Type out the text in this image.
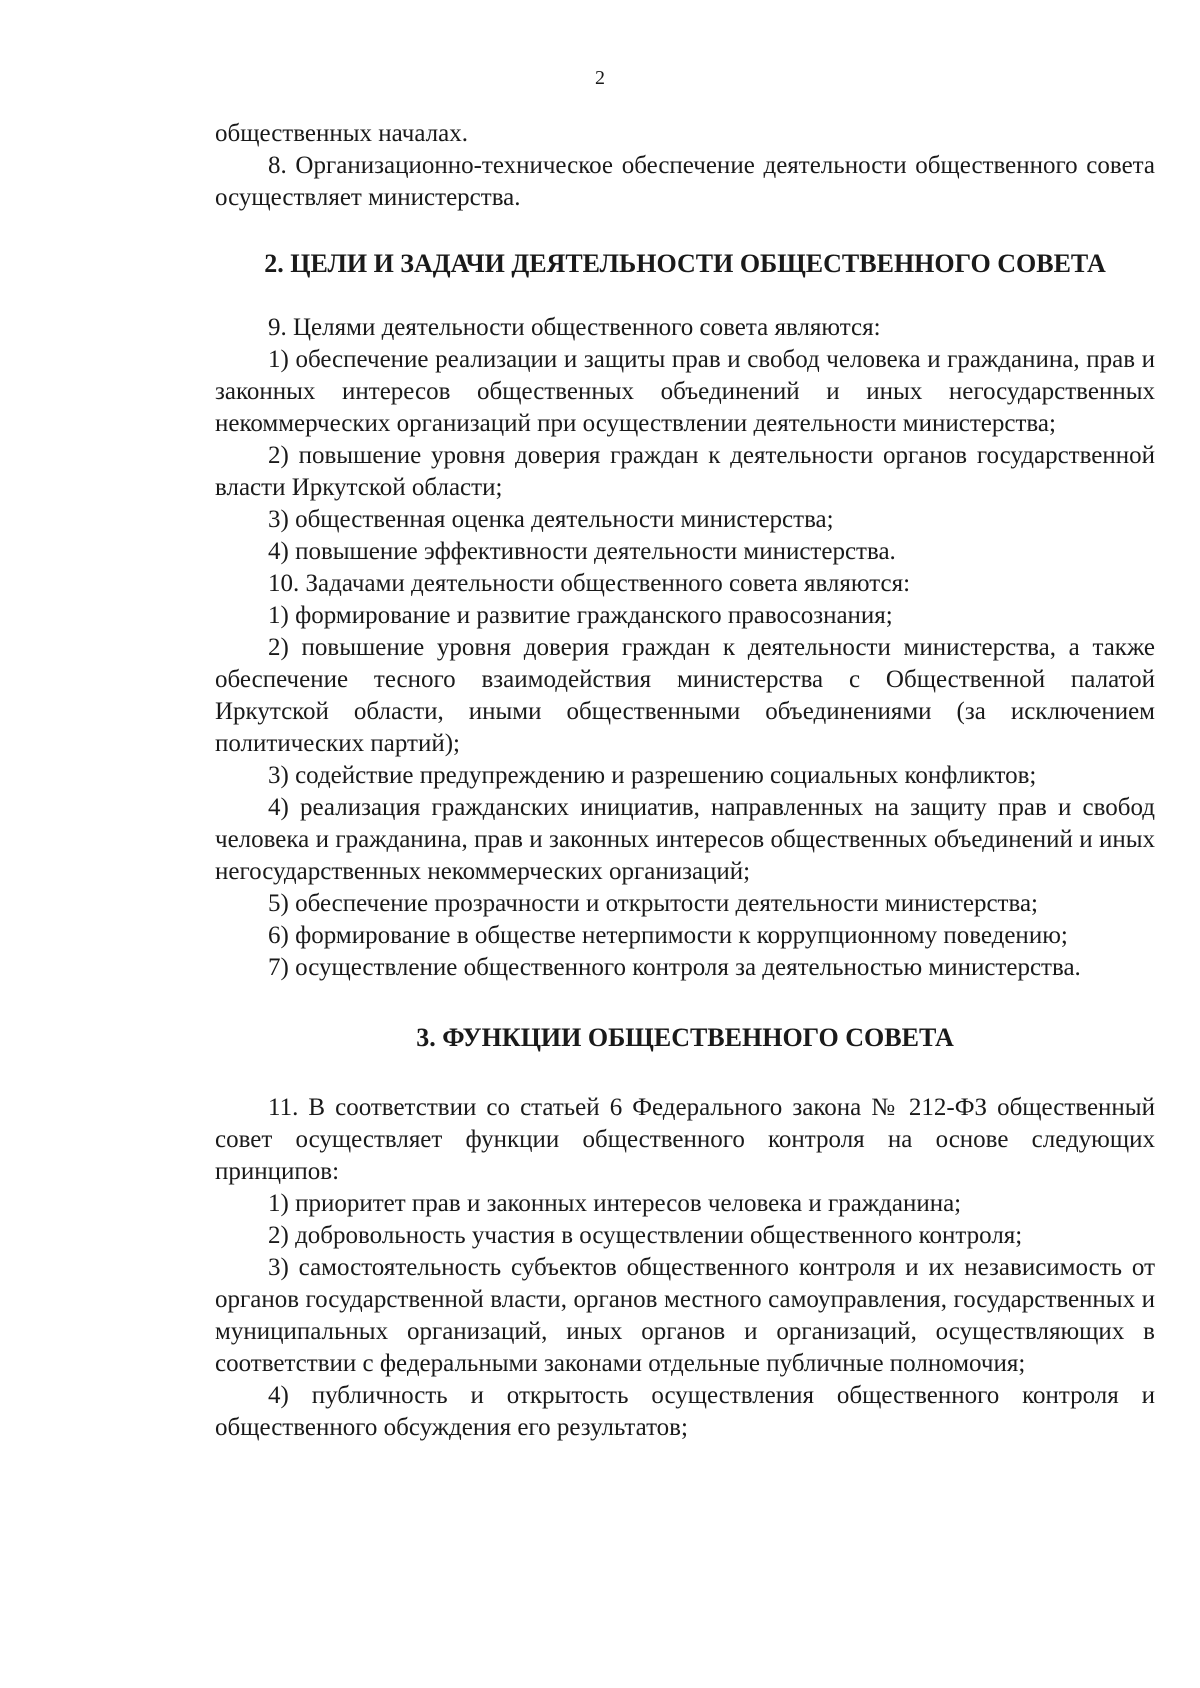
2

общественных началах.

8. Организационно-техническое обеспечение деятельности общественного совета осуществляет министерства.

2. ЦЕЛИ И ЗАДАЧИ ДЕЯТЕЛЬНОСТИ ОБЩЕСТВЕННОГО СОВЕТА

9. Целями деятельности общественного совета являются:

1) обеспечение реализации и защиты прав и свобод человека и гражданина, прав и законных интересов общественных объединений и иных негосударственных некоммерческих организаций при осуществлении деятельности министерства;

2) повышение уровня доверия граждан к деятельности органов государственной власти Иркутской области;

3) общественная оценка деятельности министерства;

4) повышение эффективности деятельности министерства.

10. Задачами деятельности общественного совета являются:

1) формирование и развитие гражданского правосознания;

2) повышение уровня доверия граждан к деятельности министерства, а также обеспечение тесного взаимодействия министерства с Общественной палатой Иркутской области, иными общественными объединениями (за исключением политических партий);

3) содействие предупреждению и разрешению социальных конфликтов;

4) реализация гражданских инициатив, направленных на защиту прав и свобод человека и гражданина, прав и законных интересов общественных объединений и иных негосударственных некоммерческих организаций;

5) обеспечение прозрачности и открытости деятельности министерства;

6) формирование в обществе нетерпимости к коррупционному поведению;

7) осуществление общественного контроля за деятельностью министерства.

3. ФУНКЦИИ ОБЩЕСТВЕННОГО СОВЕТА

11. В соответствии со статьей 6 Федерального закона № 212-ФЗ общественный совет осуществляет функции общественного контроля на основе следующих принципов:

1) приоритет прав и законных интересов человека и гражданина;

2) добровольность участия в осуществлении общественного контроля;

3) самостоятельность субъектов общественного контроля и их независимость от органов государственной власти, органов местного самоуправления, государственных и муниципальных организаций, иных органов и организаций, осуществляющих в соответствии с федеральными законами отдельные публичные полномочия;

4) публичность и открытость осуществления общественного контроля и общественного обсуждения его результатов;
